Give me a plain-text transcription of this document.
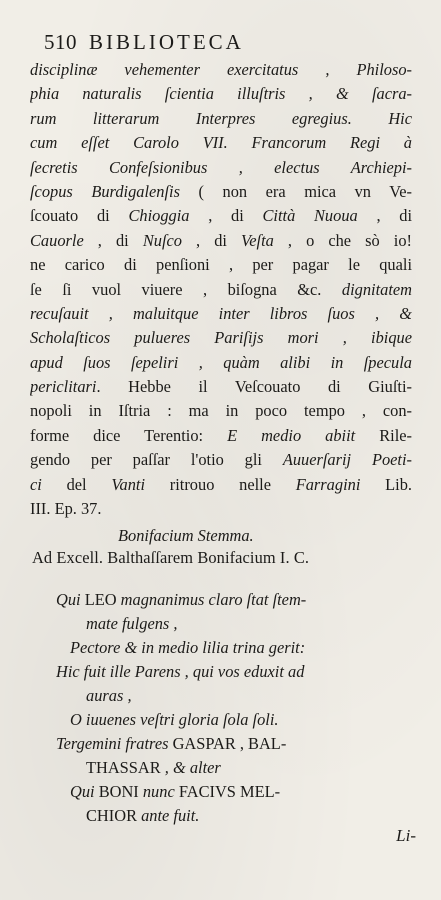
510 BIBLIOTECA
disciplinæ vehementer exercitatus , Philoso-
phia naturalis ſcientia illuſtris , & ſacra-
rum litterarum Interpres egregius. Hic
cum eſſet Carolo VII. Francorum Regi à
ſecretis Confeſsionibus , electus Archiepi-
ſcopus Burdigalenſis ( non era mica vn Ve-
ſcouato di Chioggia , di Città Nuoua , di
Cauorle , di Nuſco , di Veſta , o che sò io!
ne carico di penſioni , per pagar le quali
ſe ſi vuol viuere , biſogna &c. dignitatem
recuſauit , maluitque inter libros ſuos , &
Scholaſticos pulueres Pariſijs mori , ibique
apud ſuos ſepeliri , quàm alibi in ſpecula
periclitari. Hebbe il Veſcouato di Giuſti-
nopoli in Iſtria : ma in poco tempo , con-
forme dice Terentio: E medio abiit Rile-
gendo per paſſar l'otio gli Auuerſarij Poeti-
ci del Vanti ritrouo nelle Farragini Lib.
III. Ep. 37.
Bonifacium Stemma.
Ad Excell. Balthaſſarem Bonifacium I. C.
Qui LEO magnanimus claro ſtat ſtem-
mate fulgens ,
Pectore & in medio lilia trina gerit:
Hic fuit ille Parens , qui vos eduxit ad
auras ,
O iuuenes veſtri gloria ſola ſoli.
Tergemini fratres GASPAR , BAL-
THASSAR , & alter
Qui BONI nunc FACIVS MEL-
CHIOR ante fuit.
Li-
